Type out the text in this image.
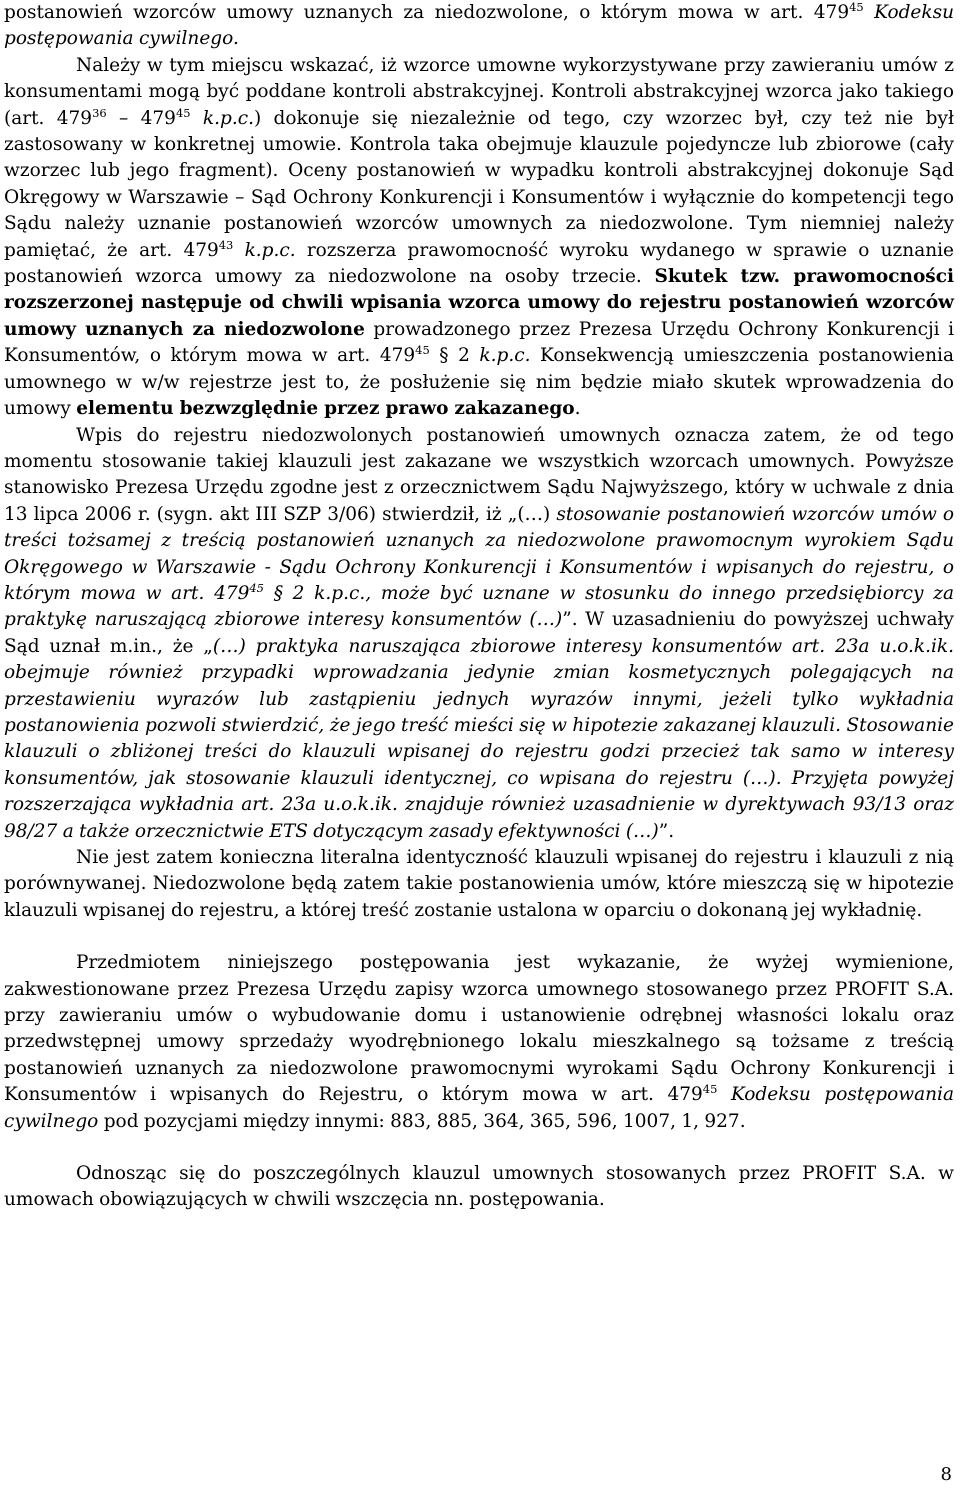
postanowień wzorców umowy uznanych za niedozwolone, o którym mowa w art. $479^{45}$ Kodeksu postępowania cywilnego.

Należy w tym miejscu wskazać, iż wzorce umowne wykorzystywane przy zawieraniu umów z konsumentami mogą być poddane kontroli abstrakcyjnej. Kontroli abstrakcyjnej wzorca jako takiego (art. $479^{36} - 479^{45}$ k.p.c.) dokonuje się niezależnie od tego, czy wzorzec był, czy też nie był zastosowany w konkretnej umowie. Kontrola taka obejmuje klauzule pojedyncze lub zbiorowe (cały wzorzec lub jego fragment). Oceny postanowień w wypadku kontroli abstrakcyjnej dokonuje Sąd Okręgowy w Warszawie – Sąd Ochrony Konkurencji i Konsumentów i wyłącznie do kompetencji tego Sądu należy uznanie postanowień wzorców umownych za niedozwolone. Tym niemniej należy pamiętać, że art. $479^{43}$ k.p.c. rozszerza prawomocność wyroku wydanego w sprawie o uznanie postanowień wzorca umowy za niedozwolone na osoby trzecie. Skutek tzw. prawomocności rozszerzonej następuje od chwili wpisania wzorca umowy do rejestru postanowień wzorców umowy uznanych za niedozwolone prowadzonego przez Prezesa Urzędu Ochrony Konkurencji i Konsumentów, o którym mowa w art. $479^{45}$ § 2 k.p.c. Konsekwencją umieszczenia postanowienia umownego w w/w rejestrze jest to, że posłużenie się nim będzie miało skutek wprowadzenia do umowy elementu bezwzględnie przez prawo zakazanego.

Wpis do rejestru niedozwolonych postanowień umownych oznacza zatem, że od tego momentu stosowanie takiej klauzuli jest zakazane we wszystkich wzorcach umownych. Powyższe stanowisko Prezesa Urzędu zgodne jest z orzecznictwem Sądu Najwyższego, który w uchwale z dnia 13 lipca 2006 r. (sygn. akt III SZP 3/06) stwierdził, iż „(…) stosowanie postanowień wzorców umów o treści tożsamej z treścią postanowień uznanych za niedozwolone prawomocnym wyrokiem Sądu Okręgowego w Warszawie - Sądu Ochrony Konkurencji i Konsumentów i wpisanych do rejestru, o którym mowa w art. $479^{45}$ § 2 k.p.c., może być uznane w stosunku do innego przedsiębiorcy za praktykę naruszającą zbiorowe interesy konsumentów (…)”. W uzasadnieniu do powyższej uchwały Sąd uznał m.in., że „(…) praktyka naruszająca zbiorowe interesy konsumentów art. 23a u.o.k.ik. obejmuje również przypadki wprowadzania jedynie zmian kosmetycznych polegających na przestawieniu wyrazów lub zastąpieniu jednych wyrazów innymi, jeżeli tylko wykładnia postanowienia pozwoli stwierdzić, że jego treść mieści się w hipotezie zakazanej klauzuli. Stosowanie klauzuli o zbliżonej treści do klauzuli wpisanej do rejestru godzi przecież tak samo w interesy konsumentów, jak stosowanie klauzuli identycznej, co wpisana do rejestru (…). Przyjęta powyżej rozszerzająca wykładnia art. 23a u.o.k.ik. znajduje również uzasadnienie w dyrektywach 93/13 oraz 98/27 a także orzecznictwie ETS dotyczącym zasady efektywności (…)”.

Nie jest zatem konieczna literalna identyczność klauzuli wpisanej do rejestru i klauzuli z nią porównywanej. Niedozwolone będą zatem takie postanowienia umów, które mieszczą się w hipotezie klauzuli wpisanej do rejestru, a której treść zostanie ustalona w oparciu o dokonaną jej wykładnię.

Przedmiotem niniejszego postępowania jest wykazanie, że wyżej wymienione, zakwestionowane przez Prezesa Urzędu zapisy wzorca umownego stosowanego przez PROFIT S.A. przy zawieraniu umów o wybudowanie domu i ustanowienie odrębnej własności lokalu oraz przedwstępnej umowy sprzedaży wyodrębnionego lokalu mieszkalnego są tożsame z treścią postanowień uznanych za niedozwolone prawomocnymi wyrokami Sądu Ochrony Konkurencji i Konsumentów i wpisanych do Rejestru, o którym mowa w art. $479^{45}$ Kodeksu postępowania cywilnego pod pozycjami między innymi: 883, 885, 364, 365, 596, 1007, 1, 927.

Odnosząc się do poszczególnych klauzul umownych stosowanych przez PROFIT S.A. w umowach obowiązujących w chwili wszczęcia nn. postępowania.

8
